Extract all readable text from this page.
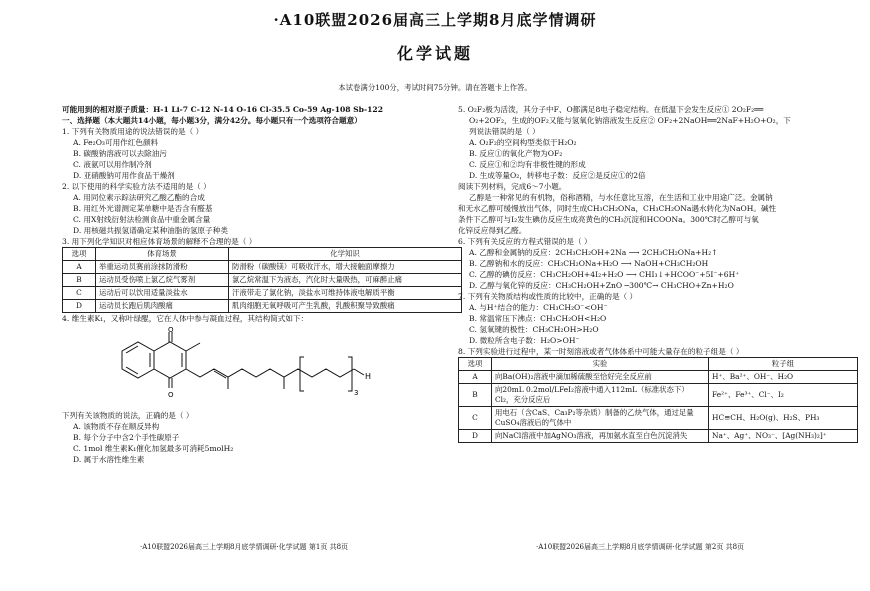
·A10联盟2026届高三上学期8月底学情调研
化学试题
本试卷满分100分，考试时间75分钟。请在答题卡上作答。
可能用到的相对原子质量：H-1 Li-7 C-12 N-14 O-16 Cl-35.5 Co-59 Ag-108 Sb-122
一、选择题（本大题共14小题，每小题3分，满分42分。每小题只有一个选项符合题意）
1. 下列有关物质用途的说法错误的是（ ）
A. Fe₂O₃可用作红色颜料
B. 碳酸钠溶液可以去除油污
C. 液氨可以用作制冷剂
D. 亚硝酸钠可用作食品干燥剂
2. 以下使用的科学实验方法不适用的是（ ）
A. 用同位素示踪法研究乙酸乙酯的合成
B. 用红外光谱测定某单糖中是否含有醛基
C. 用X射线衍射法检测食品中重金属含量
D. 用核磁共振氢谱确定某种油脂的氢原子种类
3. 用下列化学知识对相应体育场景的解释不合理的是（ ）
选项	体育场景	化学知识
A	举重运动员赛前涂抹防滑粉	防滑粉（碳酸镁）可吸收汗水，增大接触面摩擦力
B	运动员受伤喷上氯乙烷气雾剂	氯乙烷常温下为液态，汽化时大量吸热，可麻醉止痛
C	运动后可以饮用适量淡盐水	汗液带走了氯化钠，淡盐水可维持体液电解质平衡
D	运动员长跑后肌肉酸痛	肌肉细胞无氧呼吸可产生乳酸，乳酸积聚导致酸痛
4. 维生素K₁，又称叶绿醌，它在人体中参与凝血过程，其结构简式如下：
O
O	3
H
下列有关该物质的说法，正确的是（ ）
A. 该物质不存在顺反异构
B. 每个分子中含2个手性碳原子
C. 1mol 维生素K₁催化加氢最多可消耗5molH₂
D. 属于水溶性维生素
5. O₂F₂极为活泼，其分子中F、O都满足8电子稳定结构。在低温下会发生反应① 2O₂F₂══
O₂+2OF₂，生成的OF₂又能与氢氧化钠溶液发生反应② OF₂+2NaOH══2NaF+H₂O+O₂，下
列说法错误的是（ ）
A. O₂F₂的空间构型类似于H₂O₂
B. 反应①的氧化产物为OF₂
C. 反应①和②均有非极性键的形成
D. 生成等量O₂，转移电子数：反应②是反应①的2倍
阅读下列材料，完成6～7小题。
乙醇是一种常见的有机物，俗称酒精，与水任意比互溶，在生活和工业中用途广泛。金属钠
和无水乙醇可缓慢放出气体，同时生成CH₃CH₂ONa，CH₃CH₂ONa遇水转化为NaOH。碱性
条件下乙醇可与I₂发生碘仿反应生成亮黄色的CH₃沉淀和HCOONa。300℃时乙醇可与氧
化锌反应得到乙醛。
6. 下列有关反应的方程式错误的是（ ）
A. 乙醇和金属钠的反应：2CH₃CH₂OH+2Na ⟶ 2CH₃CH₂ONa+H₂↑
B. 乙醇钠和水的反应：CH₃CH₂ONa+H₂O ⟶ NaOH+CH₃CH₂OH
C. 乙醇的碘仿反应：CH₃CH₂OH+4I₂+H₂O ⟶ CHI₃↓+HCOO⁻+5I⁻+6H⁺
D. 乙醇与氧化锌的反应：CH₃CH₂OH+ZnO ─300℃→ CH₃CHO+Zn+H₂O
7. 下列有关物质结构或性质的比较中，正确的是（ ）
A. 与H⁺结合的能力：CH₃CH₂O⁻<OH⁻
B. 常温常压下沸点：CH₃CH₂OH<H₂O
C. 氢氧键的极性：CH₃CH₂OH>H₂O
D. 微粒所含电子数：H₂O>OH⁻
8. 下列实验进行过程中，某一时刻溶液或者气体体系中可能大量存在的粒子组是（ ）
选项	实验	粒子组
A	向Ba(OH)₂溶液中滴加稀硫酸至恰好完全反应前	H⁺、Ba²⁺、OH⁻、H₂O
B	向20mL 0.2mol/LFeI₂溶液中通入112mL（标准状态下）Cl₂，充分反应后	Fe²⁺、Fe³⁺、Cl⁻、I₂
C	用电石（含CaS、Ca₃P₂等杂质）制备的乙炔气体，通过足量CuSO₄溶液后的气体中	HC≡CH、H₂O(g)、H₂S、PH₃
D	向NaCl溶液中加AgNO₃溶液，再加氨水直至白色沉淀消失	Na⁺、Ag⁺、NO₃⁻、[Ag(NH₃)₂]⁺
·A10联盟2026届高三上学期8月底学情调研·化学试题 第1页 共8页	·A10联盟2026届高三上学期8月底学情调研·化学试题 第2页 共8页
